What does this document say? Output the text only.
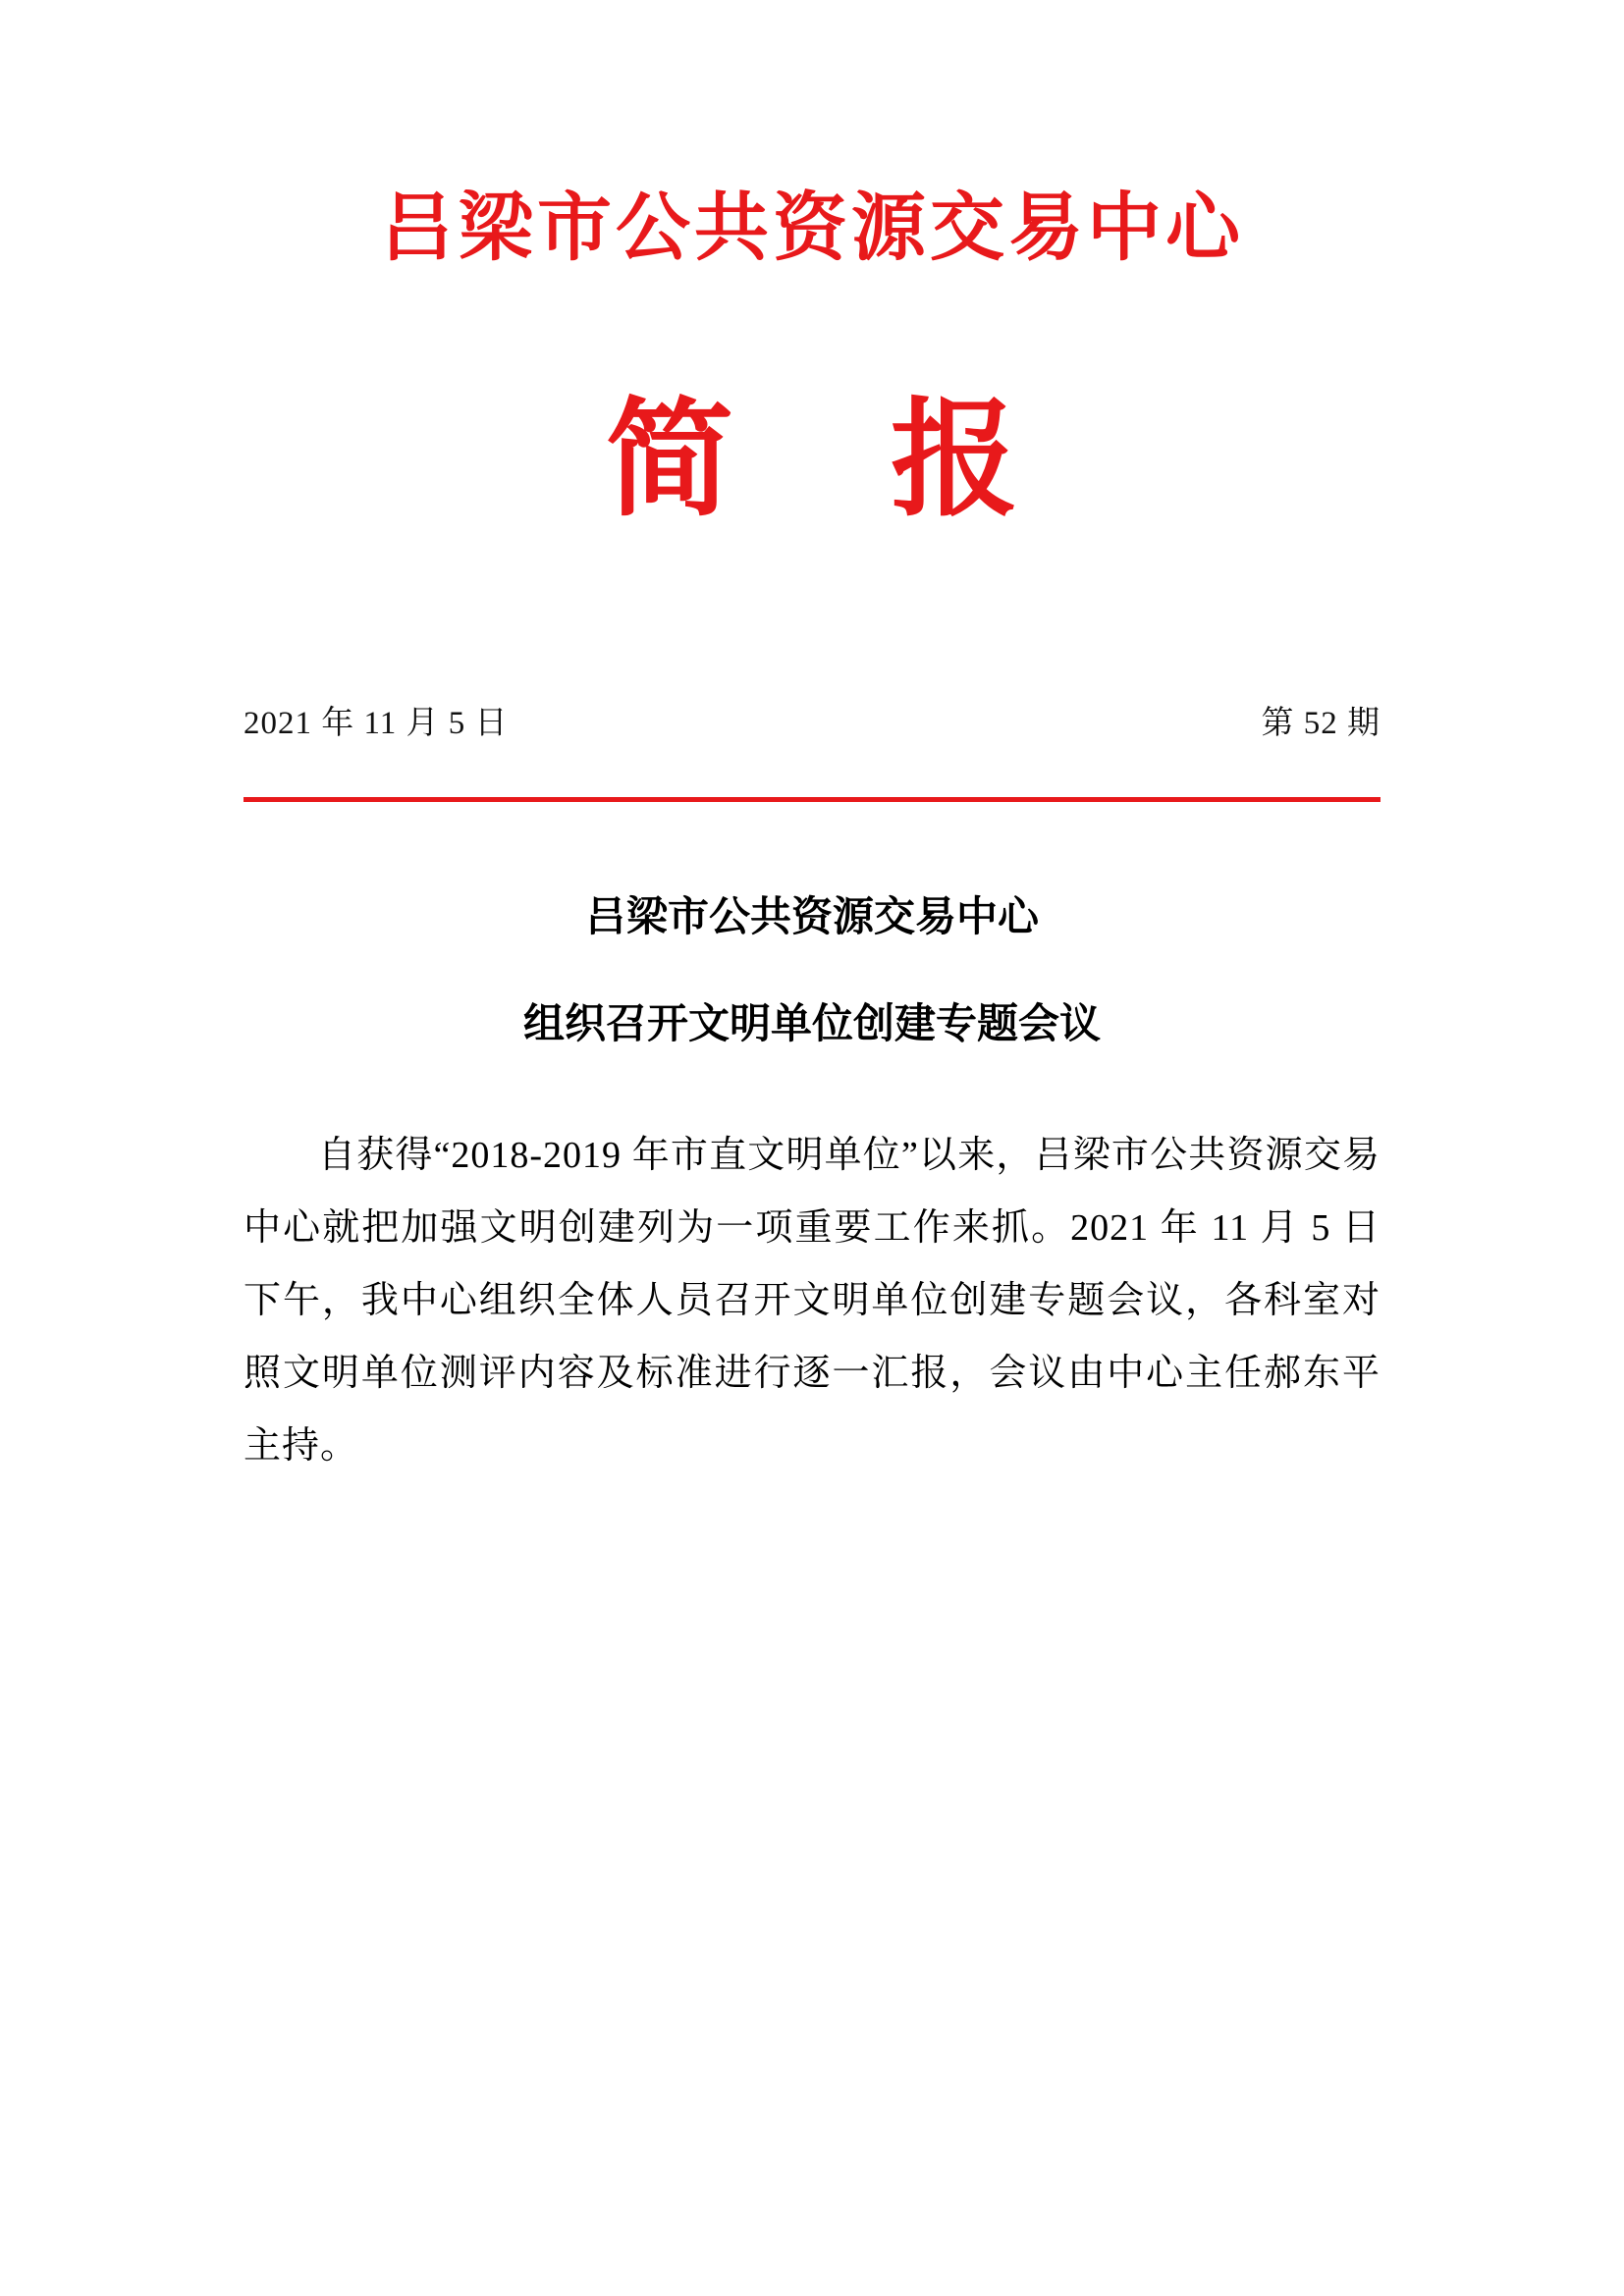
吕梁市公共资源交易中心
简 报
2021 年 11 月 5 日	第 52 期
吕梁市公共资源交易中心
组织召开文明单位创建专题会议
自获得“2018-2019 年市直文明单位”以来，吕梁市公共资源交易中心就把加强文明创建列为一项重要工作来抓。2021 年 11 月 5 日下午，我中心组织全体人员召开文明单位创建专题会议，各科室对照文明单位测评内容及标准进行逐一汇报，会议由中心主任郝东平主持。
